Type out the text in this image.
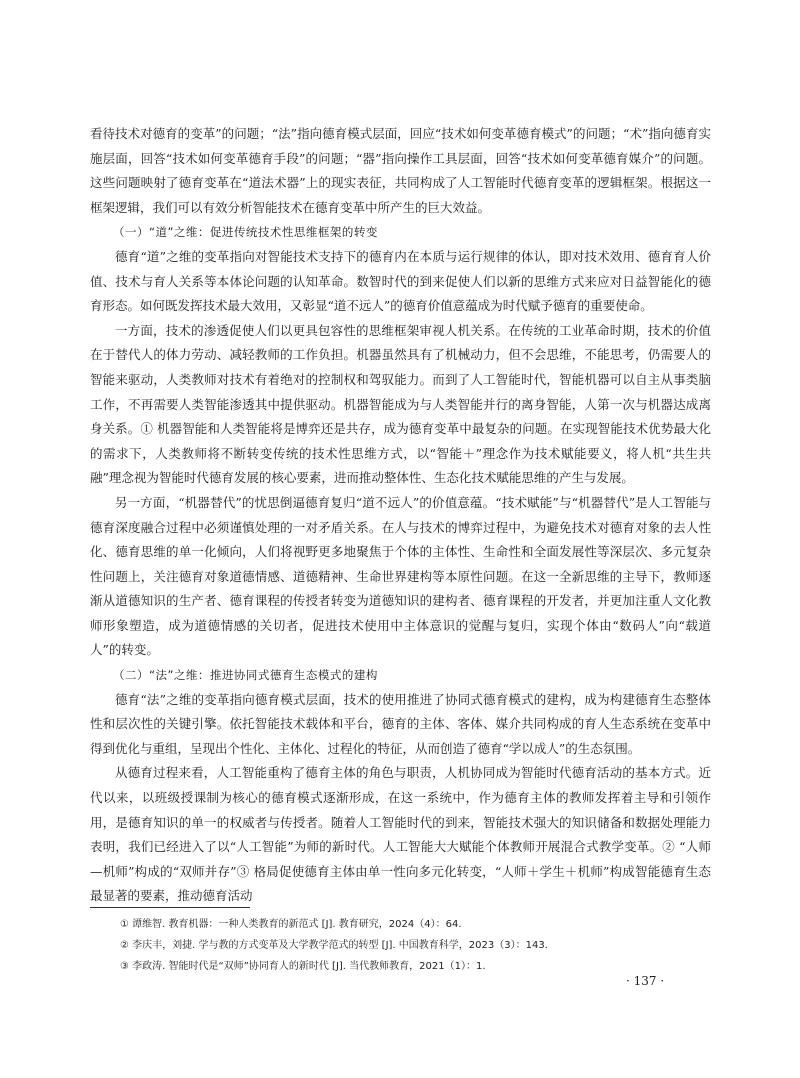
看待技术对德育的变革”的问题；“法”指向德育模式层面，回应“技术如何变革德育模式”的问题；“术”指向德育实施层面，回答“技术如何变革德育手段”的问题；“器”指向操作工具层面，回答“技术如何变革德育媒介”的问题。这些问题映射了德育变革在“道法术器”上的现实表征，共同构成了人工智能时代德育变革的逻辑框架。根据这一框架逻辑，我们可以有效分析智能技术在德育变革中所产生的巨大效益。

（一）“道”之维：促进传统技术性思维框架的转变

德育“道”之维的变革指向对智能技术支持下的德育内在本质与运行规律的体认，即对技术效用、德育育人价值、技术与育人关系等本体论问题的认知革命。数智时代的到来促使人们以新的思维方式来应对日益智能化的德育形态。如何既发挥技术最大效用，又彰显“道不远人”的德育价值意蕴成为时代赋予德育的重要使命。

一方面，技术的渗透促使人们以更具包容性的思维框架审视人机关系。在传统的工业革命时期，技术的价值在于替代人的体力劳动、减轻教师的工作负担。机器虽然具有了机械动力，但不会思维，不能思考，仍需要人的智能来驱动，人类教师对技术有着绝对的控制权和驾驭能力。而到了人工智能时代，智能机器可以自主从事类脑工作，不再需要人类智能渗透其中提供驱动。机器智能成为与人类智能并行的离身智能，人第一次与机器达成离身关系。① 机器智能和人类智能将是博弈还是共存，成为德育变革中最复杂的问题。在实现智能技术优势最大化的需求下，人类教师将不断转变传统的技术性思维方式，以“智能＋”理念作为技术赋能要义，将人机“共生共融”理念视为智能时代德育发展的核心要素，进而推动整体性、生态化技术赋能思维的产生与发展。

另一方面，“机器替代”的忧思倒逼德育复归“道不远人”的价值意蕴。“技术赋能”与“机器替代”是人工智能与德育深度融合过程中必须谨慎处理的一对矛盾关系。在人与技术的博弈过程中，为避免技术对德育对象的去人性化、德育思维的单一化倾向，人们将视野更多地聚焦于个体的主体性、生命性和全面发展性等深层次、多元复杂性问题上，关注德育对象道德情感、道德精神、生命世界建构等本原性问题。在这一全新思维的主导下，教师逐渐从道德知识的生产者、德育课程的传授者转变为道德知识的建构者、德育课程的开发者，并更加注重人文化教师形象塑造，成为道德情感的关切者，促进技术使用中主体意识的觉醒与复归，实现个体由“数码人”向“载道人”的转变。

（二）“法”之维：推进协同式德育生态模式的建构

德育“法”之维的变革指向德育模式层面，技术的使用推进了协同式德育模式的建构，成为构建德育生态整体性和层次性的关键引擎。依托智能技术载体和平台，德育的主体、客体、媒介共同构成的育人生态系统在变革中得到优化与重组，呈现出个性化、主体化、过程化的特征，从而创造了德育“学以成人”的生态氛围。

从德育过程来看，人工智能重构了德育主体的角色与职责，人机协同成为智能时代德育活动的基本方式。近代以来，以班级授课制为核心的德育模式逐渐形成，在这一系统中，作为德育主体的教师发挥着主导和引领作用，是德育知识的单一的权威者与传授者。随着人工智能时代的到来，智能技术强大的知识储备和数据处理能力表明，我们已经进入了以“人工智能”为师的新时代。人工智能大大赋能个体教师开展混合式教学变革。② “人师—机师”构成的“双师并存”③ 格局促使德育主体由单一性向多元化转变，“人师＋学生＋机师”构成智能德育生态最显著的要素，推动德育活动

① 谭维智. 教育机器：一种人类教育的新范式 [J]. 教育研究，2024（4）：64.

② 李庆丰，刘捷. 学与教的方式变革及大学教学范式的转型 [J]. 中国教育科学，2023（3）：143.

③ 李政涛. 智能时代是“双师”协同育人的新时代 [J]. 当代教师教育，2021（1）：1.

· 137 ·
